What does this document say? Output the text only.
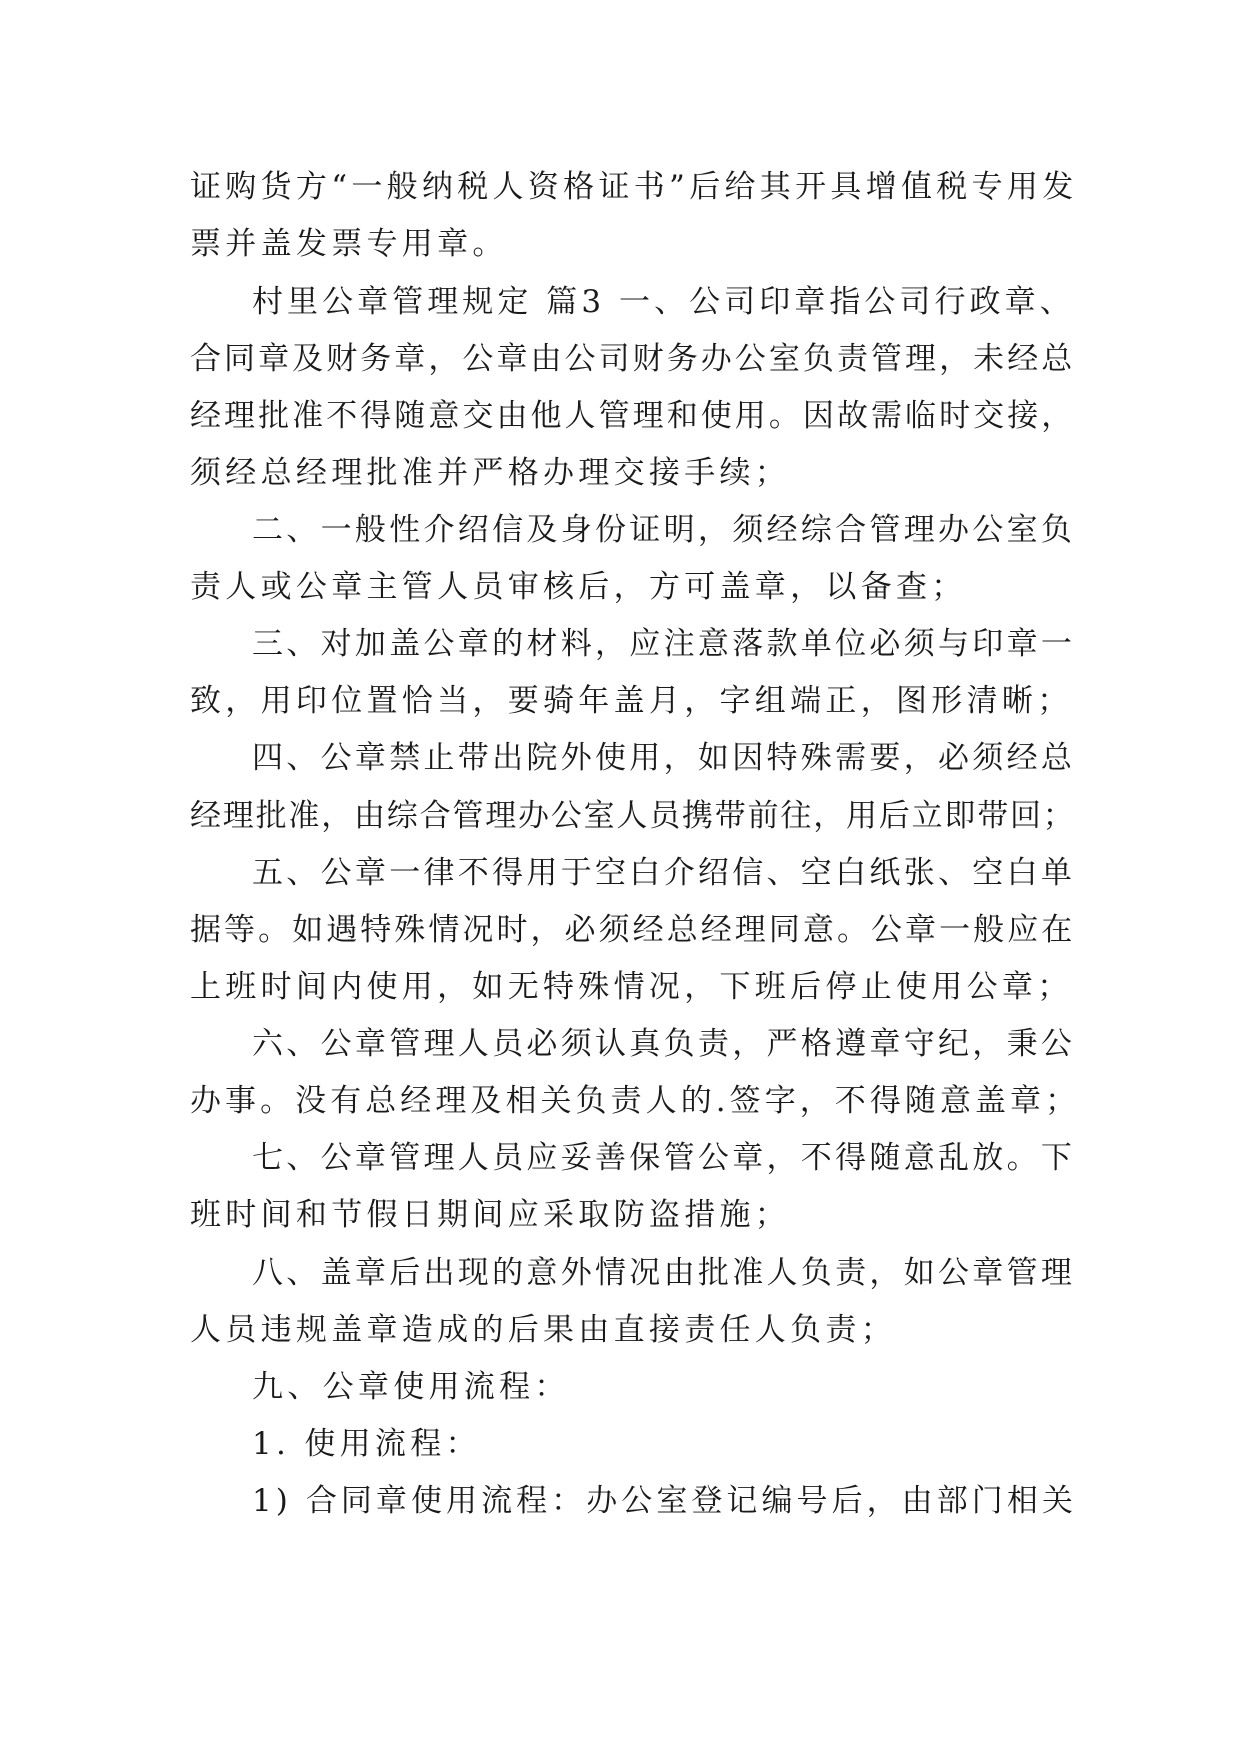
证购货方“一般纳税人资格证书”后给其开具增值税专用发
票并盖发票专用章。
村里公章管理规定 篇3 一、公司印章指公司行政章、
合同章及财务章，公章由公司财务办公室负责管理，未经总
经理批准不得随意交由他人管理和使用。因故需临时交接，
须经总经理批准并严格办理交接手续；
二、一般性介绍信及身份证明，须经综合管理办公室负
责人或公章主管人员审核后，方可盖章，以备查；
三、对加盖公章的材料，应注意落款单位必须与印章一
致，用印位置恰当，要骑年盖月，字组端正，图形清晰；
四、公章禁止带出院外使用，如因特殊需要，必须经总
经理批准，由综合管理办公室人员携带前往，用后立即带回；
五、公章一律不得用于空白介绍信、空白纸张、空白单
据等。如遇特殊情况时，必须经总经理同意。公章一般应在
上班时间内使用，如无特殊情况，下班后停止使用公章；
六、公章管理人员必须认真负责，严格遵章守纪，秉公
办事。没有总经理及相关负责人的.签字，不得随意盖章；
七、公章管理人员应妥善保管公章，不得随意乱放。下
班时间和节假日期间应采取防盗措施；
八、盖章后出现的意外情况由批准人负责，如公章管理
人员违规盖章造成的后果由直接责任人负责；
九、公章使用流程：
1. 使用流程：
1) 合同章使用流程：办公室登记编号后，由部门相关
